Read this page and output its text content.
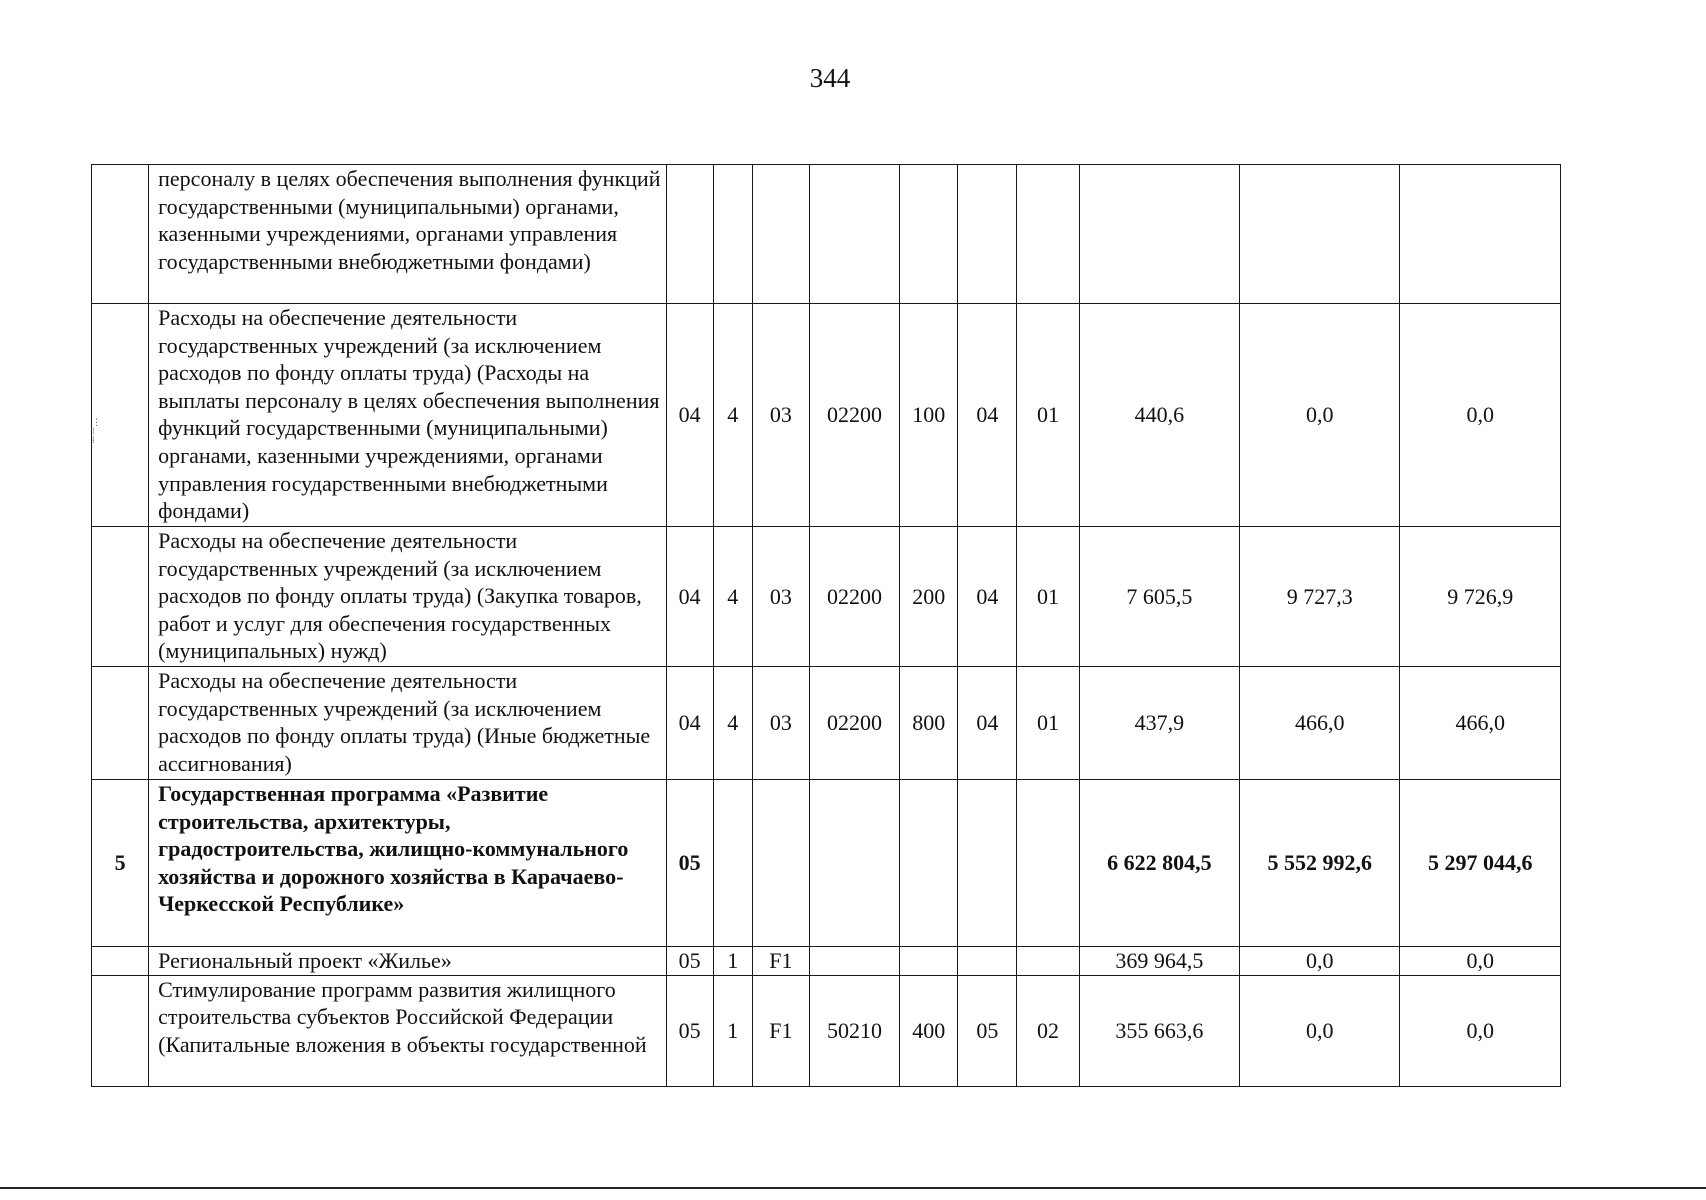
344
⋮
⁝
⁞
	персоналу в целях обеспечения выполнения функций государственными (муниципальными) органами, казенными учреждениями, органами управления государственными внебюджетными фондами)										
	Расходы на обеспечение деятельности государственных учреждений (за исключением расходов по фонду оплаты труда) (Расходы на выплаты персоналу в целях обеспечения выполнения функций государственными (муниципальными) органами, казенными учреждениями, органами управления государственными внебюджетными фондами)	04	4	03	02200	100	04	01	440,6	0,0	0,0
	Расходы на обеспечение деятельности государственных учреждений (за исключением расходов по фонду оплаты труда) (Закупка товаров, работ и услуг для обеспечения государственных (муниципальных) нужд)	04	4	03	02200	200	04	01	7 605,5	9 727,3	9 726,9
	Расходы на обеспечение деятельности государственных учреждений (за исключением расходов по фонду оплаты труда) (Иные бюджетные ассигнования)	04	4	03	02200	800	04	01	437,9	466,0	466,0
5	Государственная программа «Развитие строительства, архитектуры, градостроительства, жилищно-коммунального хозяйства и дорожного хозяйства в Карачаево-Черкесской Республике»	05							6 622 804,5	5 552 992,6	5 297 044,6
	Региональный проект «Жилье»	05	1	F1					369 964,5	0,0	0,0
	Стимулирование программ развития жилищного строительства субъектов Российской Федерации (Капитальные вложения в объекты государственной	05	1	F1	50210	400	05	02	355 663,6	0,0	0,0
